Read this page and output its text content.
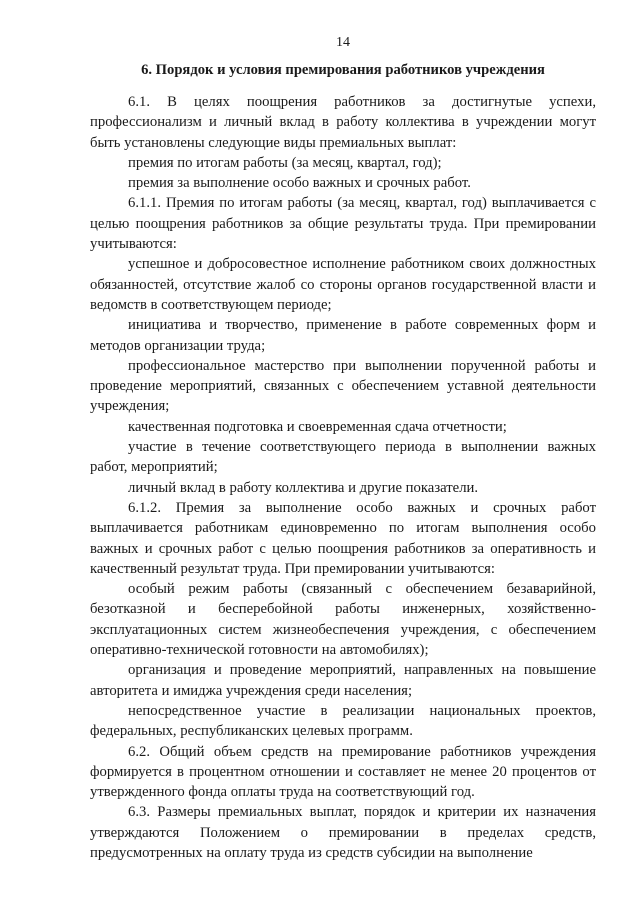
14
6. Порядок и условия премирования работников учреждения

6.1. В целях поощрения работников за достигнутые успехи, профессионализм и личный вклад в работу коллектива в учреждении могут быть установлены следующие виды премиальных выплат:

премия по итогам работы (за месяц, квартал, год);

премия за выполнение особо важных и срочных работ.

6.1.1. Премия по итогам работы (за месяц, квартал, год) выплачивается с целью поощрения работников за общие результаты труда. При премировании учитываются:

успешное и добросовестное исполнение работником своих должностных обязанностей, отсутствие жалоб со стороны органов государственной власти и ведомств в соответствующем периоде;

инициатива и творчество, применение в работе современных форм и методов организации труда;

профессиональное мастерство при выполнении порученной работы и проведение мероприятий, связанных с обеспечением уставной деятельности учреждения;

качественная подготовка и своевременная сдача отчетности;

участие в течение соответствующего периода в выполнении важных работ, мероприятий;

личный вклад в работу коллектива и другие показатели.

6.1.2. Премия за выполнение особо важных и срочных работ выплачивается работникам единовременно по итогам выполнения особо важных и срочных работ с целью поощрения работников за оперативность и качественный результат труда. При премировании учитываются:

особый режим работы (связанный с обеспечением безаварийной, безотказной и бесперебойной работы инженерных, хозяйственно-эксплуатационных систем жизнеобеспечения учреждения, с обеспечением оперативно-технической готовности на автомобилях);

организация и проведение мероприятий, направленных на повышение авторитета и имиджа учреждения среди населения;

непосредственное участие в реализации национальных проектов, федеральных, республиканских целевых программ.

6.2. Общий объем средств на премирование работников учреждения формируется в процентном отношении и составляет не менее 20 процентов от утвержденного фонда оплаты труда на соответствующий год.

6.3. Размеры премиальных выплат, порядок и критерии их назначения утверждаются Положением о премировании в пределах средств, предусмотренных на оплату труда из средств субсидии на выполнение
